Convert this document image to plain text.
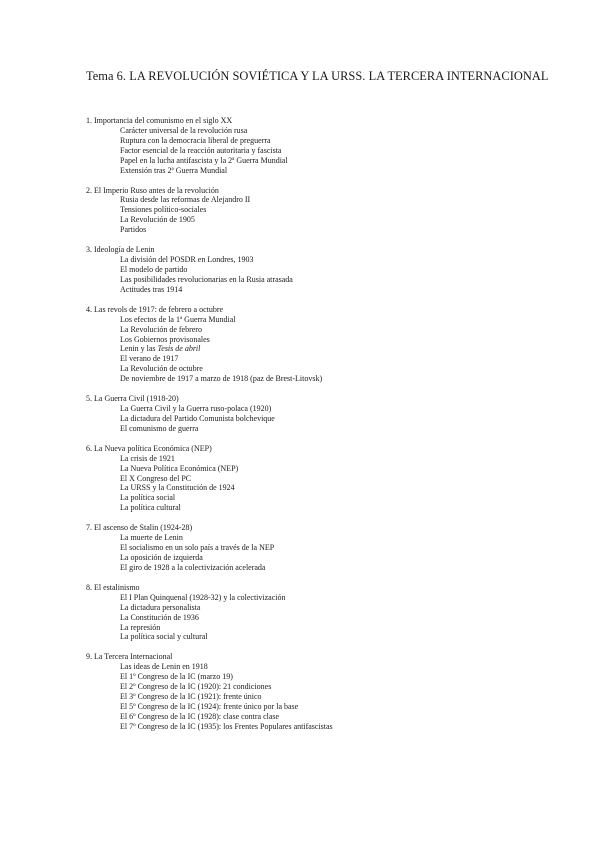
Tema 6. LA REVOLUCIÓN SOVIÉTICA Y LA URSS. LA TERCERA INTERNACIONAL
1. Importancia del comunismo en el siglo XX
Carácter universal de la revolución rusa
Ruptura con la democracia liberal de preguerra
Factor esencial de la reacción autoritaria y fascista
Papel en la lucha antifascista y la 2ª Guerra Mundial
Extensión tras 2ª Guerra Mundial
2. El Imperio Ruso antes de la revolución
Rusia desde las reformas de Alejandro II
Tensiones político-sociales
La Revolución de 1905
Partidos
3. Ideología de Lenin
La división del POSDR en Londres, 1903
El modelo de partido
Las posibilidades revolucionarias en la Rusia atrasada
Actitudes tras 1914
4. Las revols de 1917: de febrero a octubre
Los efectos de la 1ª Guerra Mundial
La Revolución de febrero
Los Gobiernos provisonales
Lenin y las Tesis de abril
El verano de 1917
La Revolución de octubre
De noviembre de 1917 a marzo de 1918 (paz de Brest-Litovsk)
5. La Guerra Civil (1918-20)
La Guerra Civil y la Guerra ruso-polaca (1920)
La dictadura del Partido Comunista bolchevique
El comunismo de guerra
6. La Nueva política Económica (NEP)
La crisis de 1921
La Nueva Política Económica (NEP)
El X Congreso del PC
La URSS y la Constitución de 1924
La política social
La política cultural
7. El ascenso de Stalin (1924-28)
La muerte de Lenin
El socialismo en un solo país a través de la NEP
La oposición de izquierda
El giro de 1928 a la colectivización acelerada
8. El estalinismo
El I Plan Quinquenal (1928-32) y la colectivización
La dictadura personalista
La Constitución de 1936
La represión
La política social y cultural
9. La Tercera Internacional
Las ideas de Lenin en 1918
El 1º Congreso de la IC (marzo 19)
El 2º Congreso de la IC (1920): 21 condiciones
El 3º Congreso de la IC (1921): frente único
El 5º Congreso de la IC (1924): frente único por la base
El 6º Congreso de la IC (1928): clase contra clase
El 7º Congreso de la IC (1935): los Frentes Populares antifascistas
